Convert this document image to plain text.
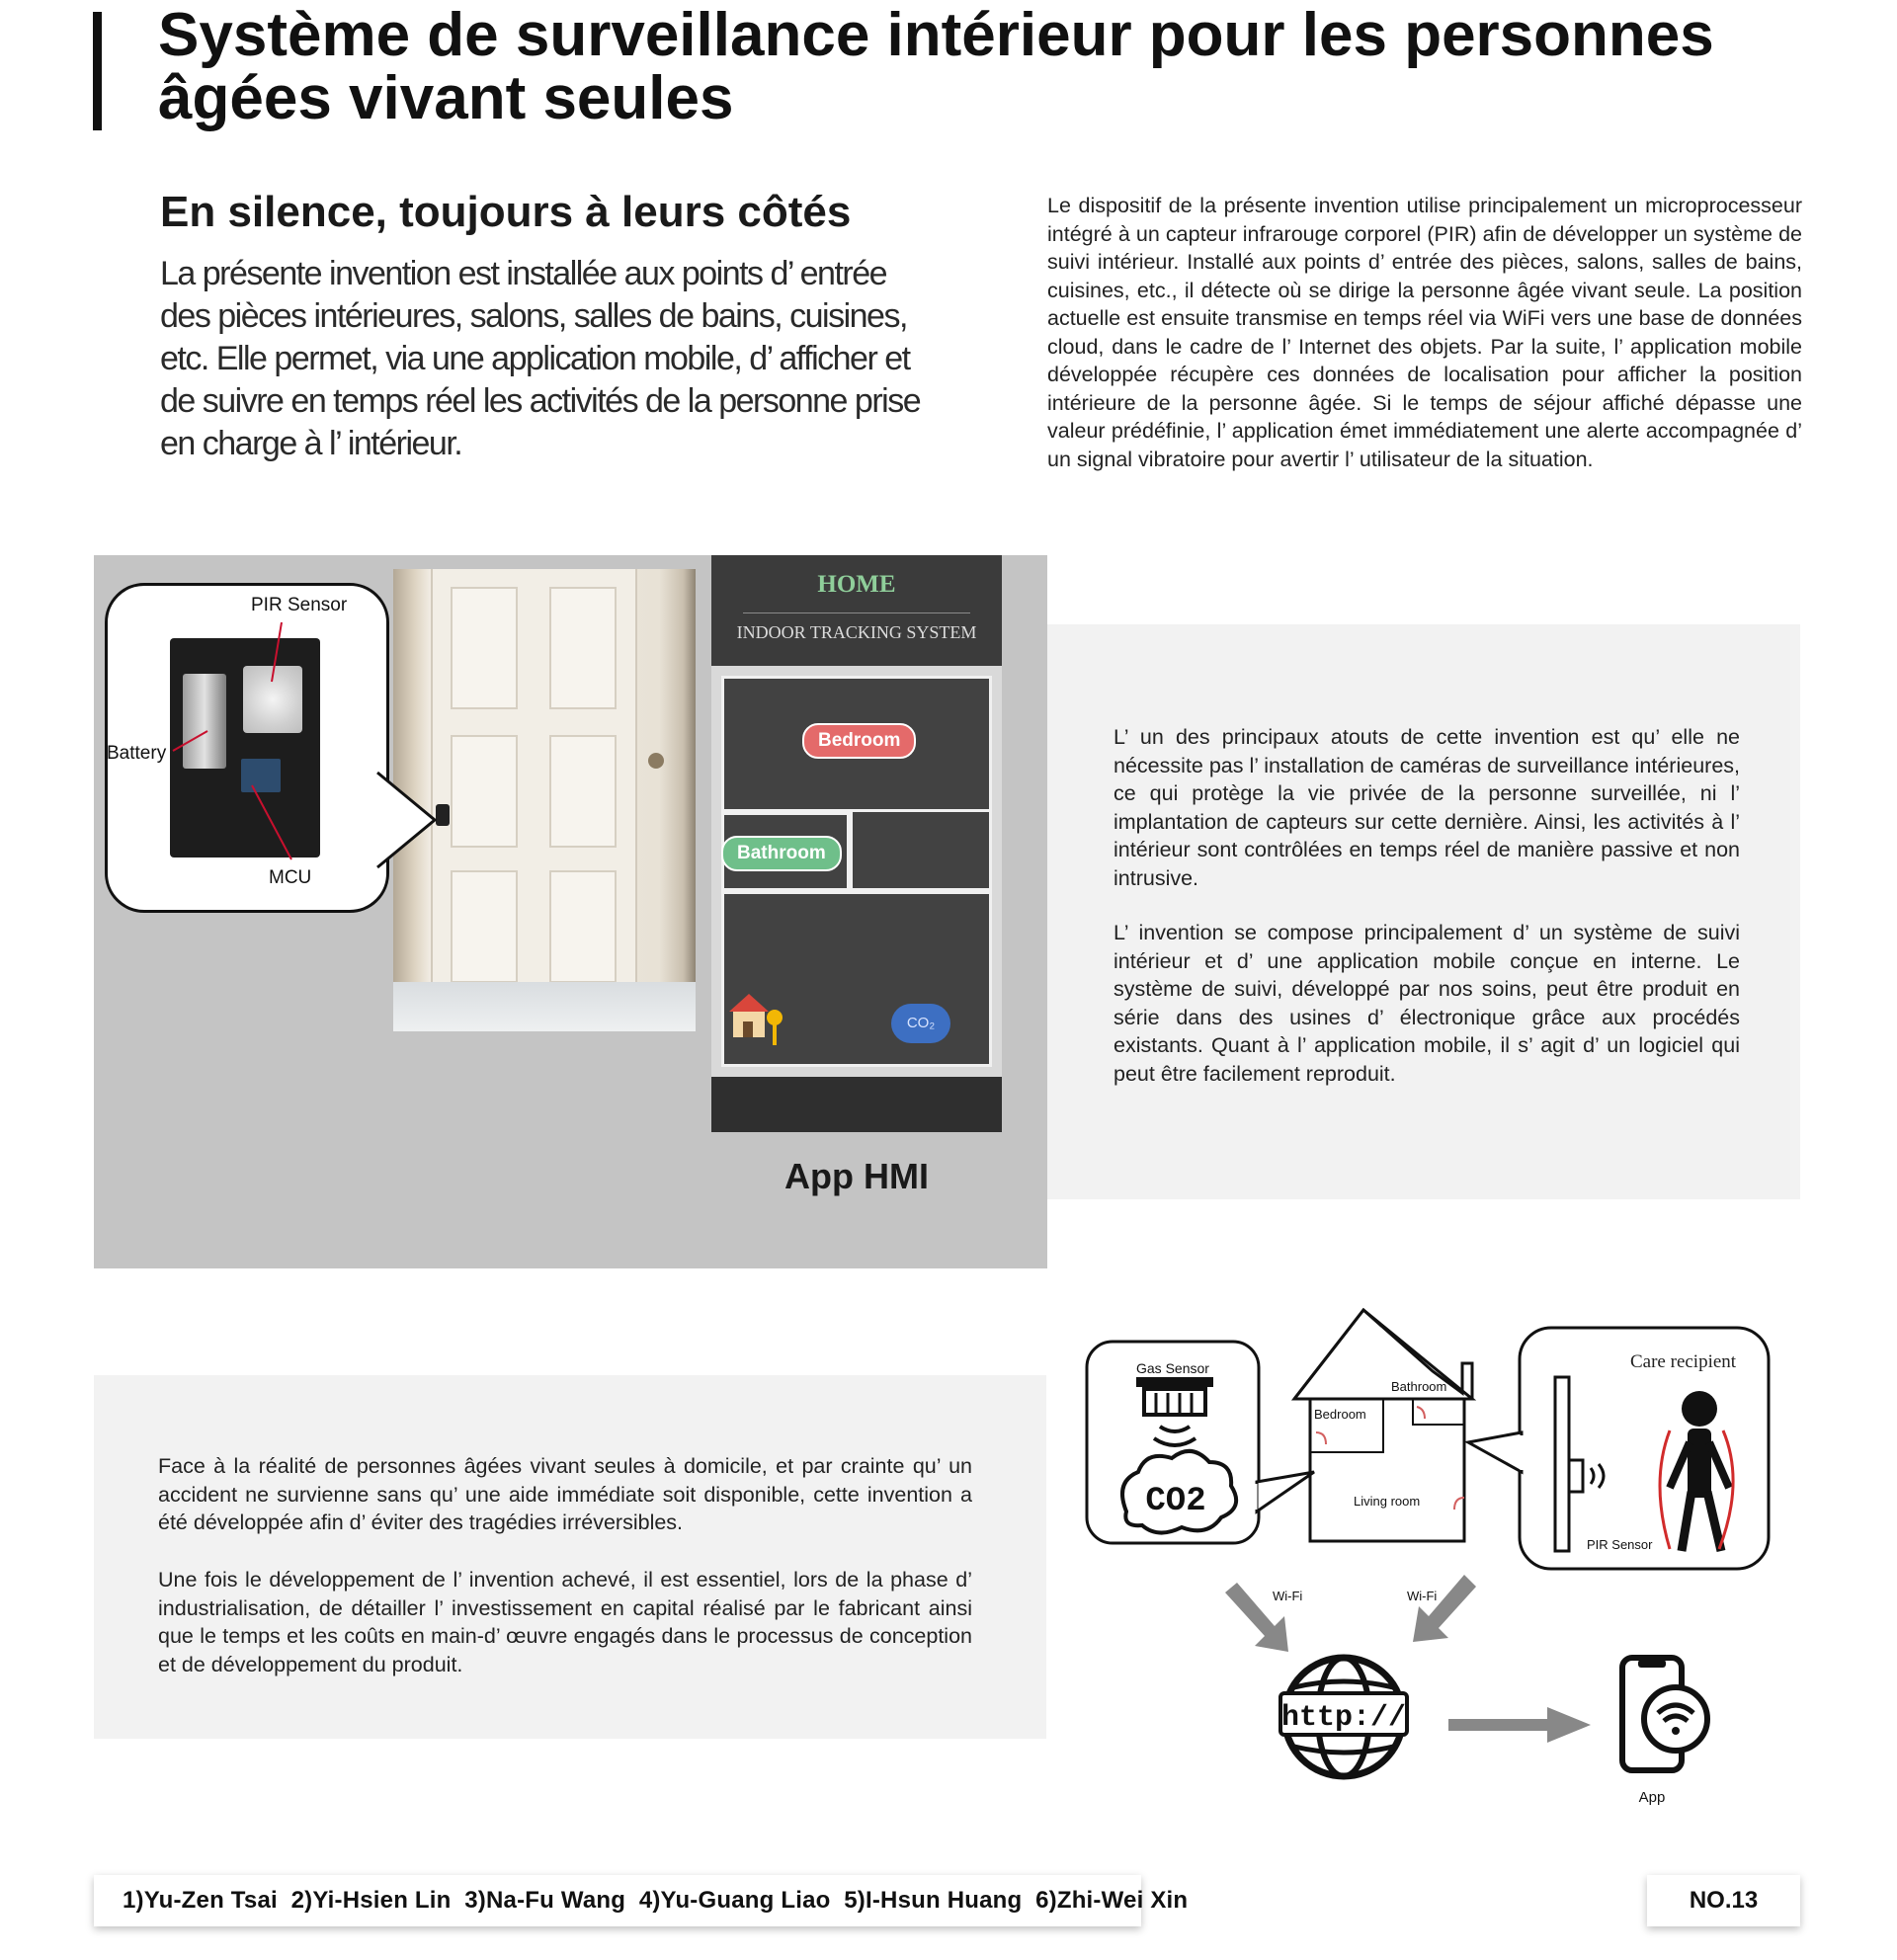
Système de surveillance intérieur pour les personnes âgées vivant seules
En silence, toujours à leurs côtés

La présente invention est installée aux points d’ entrée des pièces intérieures, salons, salles de bains, cuisines, etc. Elle permet, via une application mobile, d’ afficher et de suivre en temps réel les activités de la personne prise en charge à l’ intérieur.

Le dispositif de la présente invention utilise principalement un microprocesseur intégré à un capteur infrarouge corporel (PIR) afin de développer un système de suivi intérieur. Installé aux points d’ entrée des pièces, salons, salles de bains, cuisines, etc., il détecte où se dirige la personne âgée vivant seule. La position actuelle est ensuite transmise en temps réel via WiFi vers une base de données cloud, dans le cadre de l’ Internet des objets. Par la suite, l’ application mobile développée récupère ces données de localisation pour afficher la position intérieure de la personne âgée. Si le temps de séjour affiché dépasse une valeur prédéfinie, l’ application émet immédiatement une alerte accompagnée d’ un signal vibratoire pour avertir l’ utilisateur de la situation.

PIR Sensor
Battery
MCU
HOME
INDOOR TRACKING SYSTEM
CO₂
Bedroom
Bathroom
App HMI

L’ un des principaux atouts de cette invention est qu’ elle ne nécessite pas l’ installation de caméras de surveillance intérieures, ce qui protège la vie privée de la personne surveillée, ni l’ implantation de capteurs sur cette dernière. Ainsi, les activités à l’ intérieur sont contrôlées en temps réel de manière passive et non intrusive.

L’ invention se compose principalement d’ un système de suivi intérieur et d’ une application mobile conçue en interne. Le système de suivi, développé par nos soins, peut être produit en série dans des usines d’ électronique grâce aux procédés existants. Quant à l’ application mobile, il s’ agit d’ un logiciel qui peut être facilement reproduit.

Face à la réalité de personnes âgées vivant seules à domicile, et par crainte qu’ un accident ne survienne sans qu’ une aide immédiate soit disponible, cette invention a été développée afin d’ éviter des tragédies irréversibles.

Une fois le développement de l’ invention achevé, il est essentiel, lors de la phase d’ industrialisation, de détailler l’ investissement en capital réalisé par le fabricant ainsi que le temps et les coûts en main-d’ œuvre engagés dans le processus de conception et de développement du produit.

CO2
Gas Sensor
Bathroom
Bedroom
Living room
Care recipient
PIR Sensor
Wi-Fi	Wi-Fi
http://
App
1)Yu-Zen Tsai  2)Yi-Hsien Lin  3)Na-Fu Wang  4)Yu-Guang Liao  5)I-Hsun Huang  6)Zhi-Wei Xin	NO.13
